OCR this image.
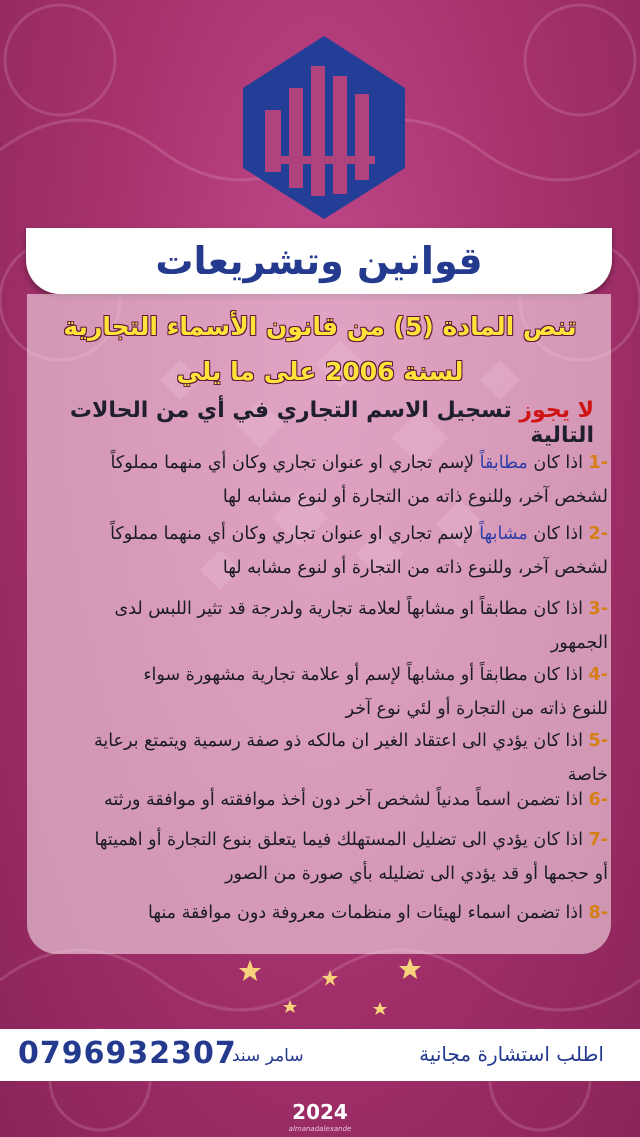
قوانين وتشريعات
تنص المادة (5) من قانون الأسماء التجارية
لسنة 2006 على ما يلي
لا يجوز تسجيل الاسم التجاري في أي من الحالات التالية
-1 اذا كان مطابقاً لإسم تجاري او عنوان تجاري وكان أي منهما مملوكاً
لشخص آخر، وللنوع ذاته من التجارة أو لنوع مشابه لها
-2 اذا كان مشابهاً لإسم تجاري او عنوان تجاري وكان أي منهما مملوكاً
لشخص آخر، وللنوع ذاته من التجارة أو لنوع مشابه لها
-3 اذا كان مطابقاً او مشابهاً لعلامة تجارية ولدرجة قد تثير اللبس لدى
الجمهور
-4 اذا كان مطابقاً أو مشابهاً لإسم أو علامة تجارية مشهورة سواء
للنوع ذاته من التجارة أو لئي نوع آخر
-5 اذا كان يؤدي الى اعتقاد الغير ان مالكه ذو صفة رسمية ويتمتع برعاية
خاصة
-6 اذا تضمن اسماً مدنياً لشخص آخر دون أخذ موافقته أو موافقة ورثته
-7 اذا كان يؤدي الى تضليل المستهلك فيما يتعلق بنوع التجارة أو اهميتها
أو حجمها أو قد يؤدي الى تضليله بأي صورة من الصور
-8 اذا تضمن اسماء لهيئات او منظمات معروفة دون موافقة منها
0796932307
سامر سند	اطلب استشارة مجانية
2024
almanadalexande
